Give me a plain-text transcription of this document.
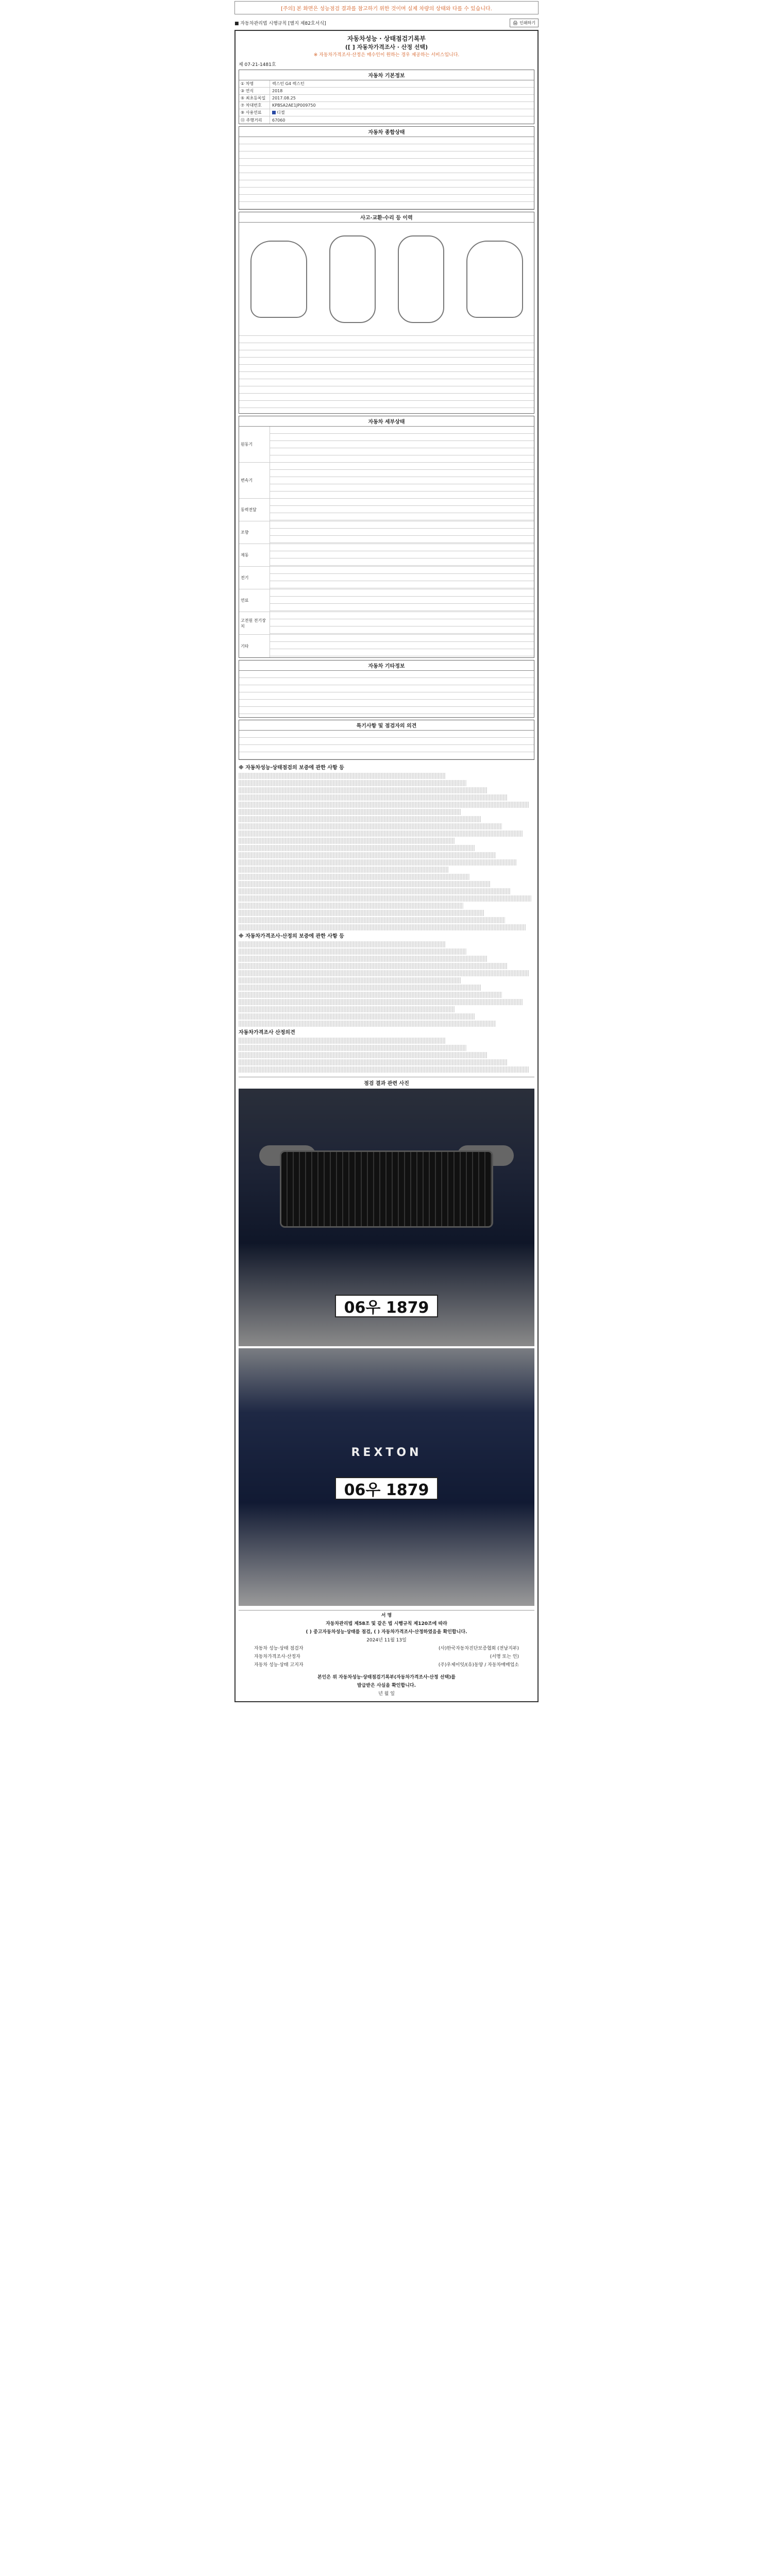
[주의] 본 화면은 성능점검 결과를 참고하기 위한 것이며 실제 차량의 상태와 다를 수 있습니다.
■ 자동차관리법 시행규칙 [별지 제82호서식]	🖨 인쇄하기
자동차성능 · 상태점검기록부
([ ] 자동차가격조사 · 산정 선택)
※ 자동차가격조사·산정은 매수인이 원하는 경우 제공하는 서비스입니다.
제 07-21-1481호
자동차 기본정보
① 차명	렉스턴 G4 렉스턴
③ 연식	2018
⑤ 최초등록일	2017.08.25
⑦ 차대번호	KPBSA2AE1JP009750
⑨ 사용연료	디젤
⑪ 주행거리	67060
자동차 종합상태
사고·교환·수리 등 이력
자동차 세부상태
원동기
변속기
동력전달
조향
제동
전기
연료
고전원 전기장치
기타
자동차 기타정보
특기사항 및 점검자의 의견
※ 자동차성능·상태점검의 보증에 관한 사항 등
※ 자동차가격조사·산정의 보증에 관한 사항 등
자동차가격조사 산정의견
점검 결과 관련 사진
06우 1879
REXTON
06우 1879
서 명
자동차관리법 제58조 및 같은 법 시행규칙 제120조에 따라
( ) 중고자동차성능·상태를 점검, ( ) 자동차가격조사·산정하였음을 확인합니다.
2024년 11월 13일
자동차 성능·상태 점검자	(사)한국자동차진단보증협회 (전남지부)
자동차가격조사·산정자	(서명 또는 인)
자동차 성능·상태 고지자	(주)우제이잇/(유)동양 / 자동차매매업소
본인은 위 자동차성능·상태점검기록부(자동차가격조사·산정 선택)를
발급받은 사실을 확인합니다.
년 월 일
